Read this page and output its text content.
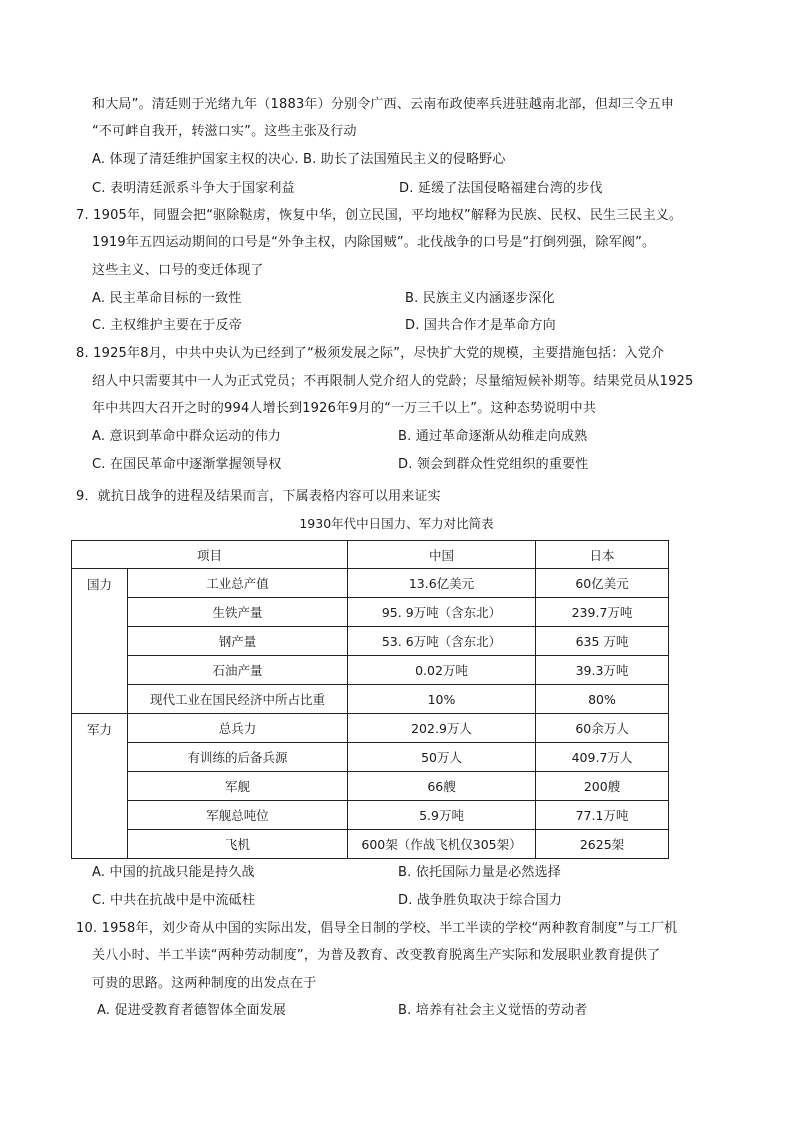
和大局”。清廷则于光绪九年（1883年）分别令广西、云南布政使率兵进驻越南北部，但却三令五申
“不可衅自我开，转滋口实”。这些主张及行动
A. 体现了清廷维护国家主权的决心. B. 助长了法国殖民主义的侵略野心
C. 表明清廷派系斗争大于国家利益	D. 延缓了法国侵略福建台湾的步伐
7. 1905年，同盟会把“驱除鞑虏，恢复中华，创立民国，平均地权”解释为民族、民权、民生三民主义。
1919年五四运动期间的口号是“外争主权，内除国贼”。北伐战争的口号是“打倒列强，除军阀”。
这些主义、口号的变迁体现了
A. 民主革命目标的一致性	B. 民族主义内涵逐步深化
C. 主权维护主要在于反帝	D. 国共合作才是革命方向
8. 1925年8月，中共中央认为已经到了“极须发展之际”，尽快扩大党的规模，主要措施包括：入党介
绍人中只需要其中一人为正式党员；不再限制人党介绍人的党龄；尽量缩短候补期等。结果党员从1925
年中共四大召开之时的994人增长到1926年9月的“一万三千以上”。这种态势说明中共
A. 意识到革命中群众运动的伟力	B. 通过革命逐渐从幼稚走向成熟
C. 在国民革命中逐渐掌握领导权	D. 领会到群众性党组织的重要性
9．就抗日战争的进程及结果而言，下属表格内容可以用来证实
1930年代中日国力、军力对比简表
项目		中国	日本
国力	工业总产值	13.6亿美元	60亿美元
	生铁产量	95. 9万吨（含东北）	239.7万吨
	钢产量	53. 6万吨（含东北）	635 万吨
	石油产量	0.02万吨	39.3万吨
	现代工业在国民经济中所占比重	10%	80%
军力	总兵力	202.9万人	60余万人
	有训练的后备兵源	50万人	409.7万人
	军舰	66艘	200艘
	军舰总吨位	5.9万吨	77.1万吨
	飞机	600架（作战飞机仅305架）	2625架
A. 中国的抗战只能是持久战	B. 依托国际力量是必然选择
C. 中共在抗战中是中流砥柱	D. 战争胜负取决于综合国力
10. 1958年，刘少奇从中国的实际出发，倡导全日制的学校、半工半读的学校“两种教育制度”与工厂机
关八小时、半工半读“两种劳动制度”，为普及教育、改变教育脱离生产实际和发展职业教育提供了
可贵的思路。这两种制度的出发点在于
A. 促进受教育者德智体全面发展	B. 培养有社会主义觉悟的劳动者
